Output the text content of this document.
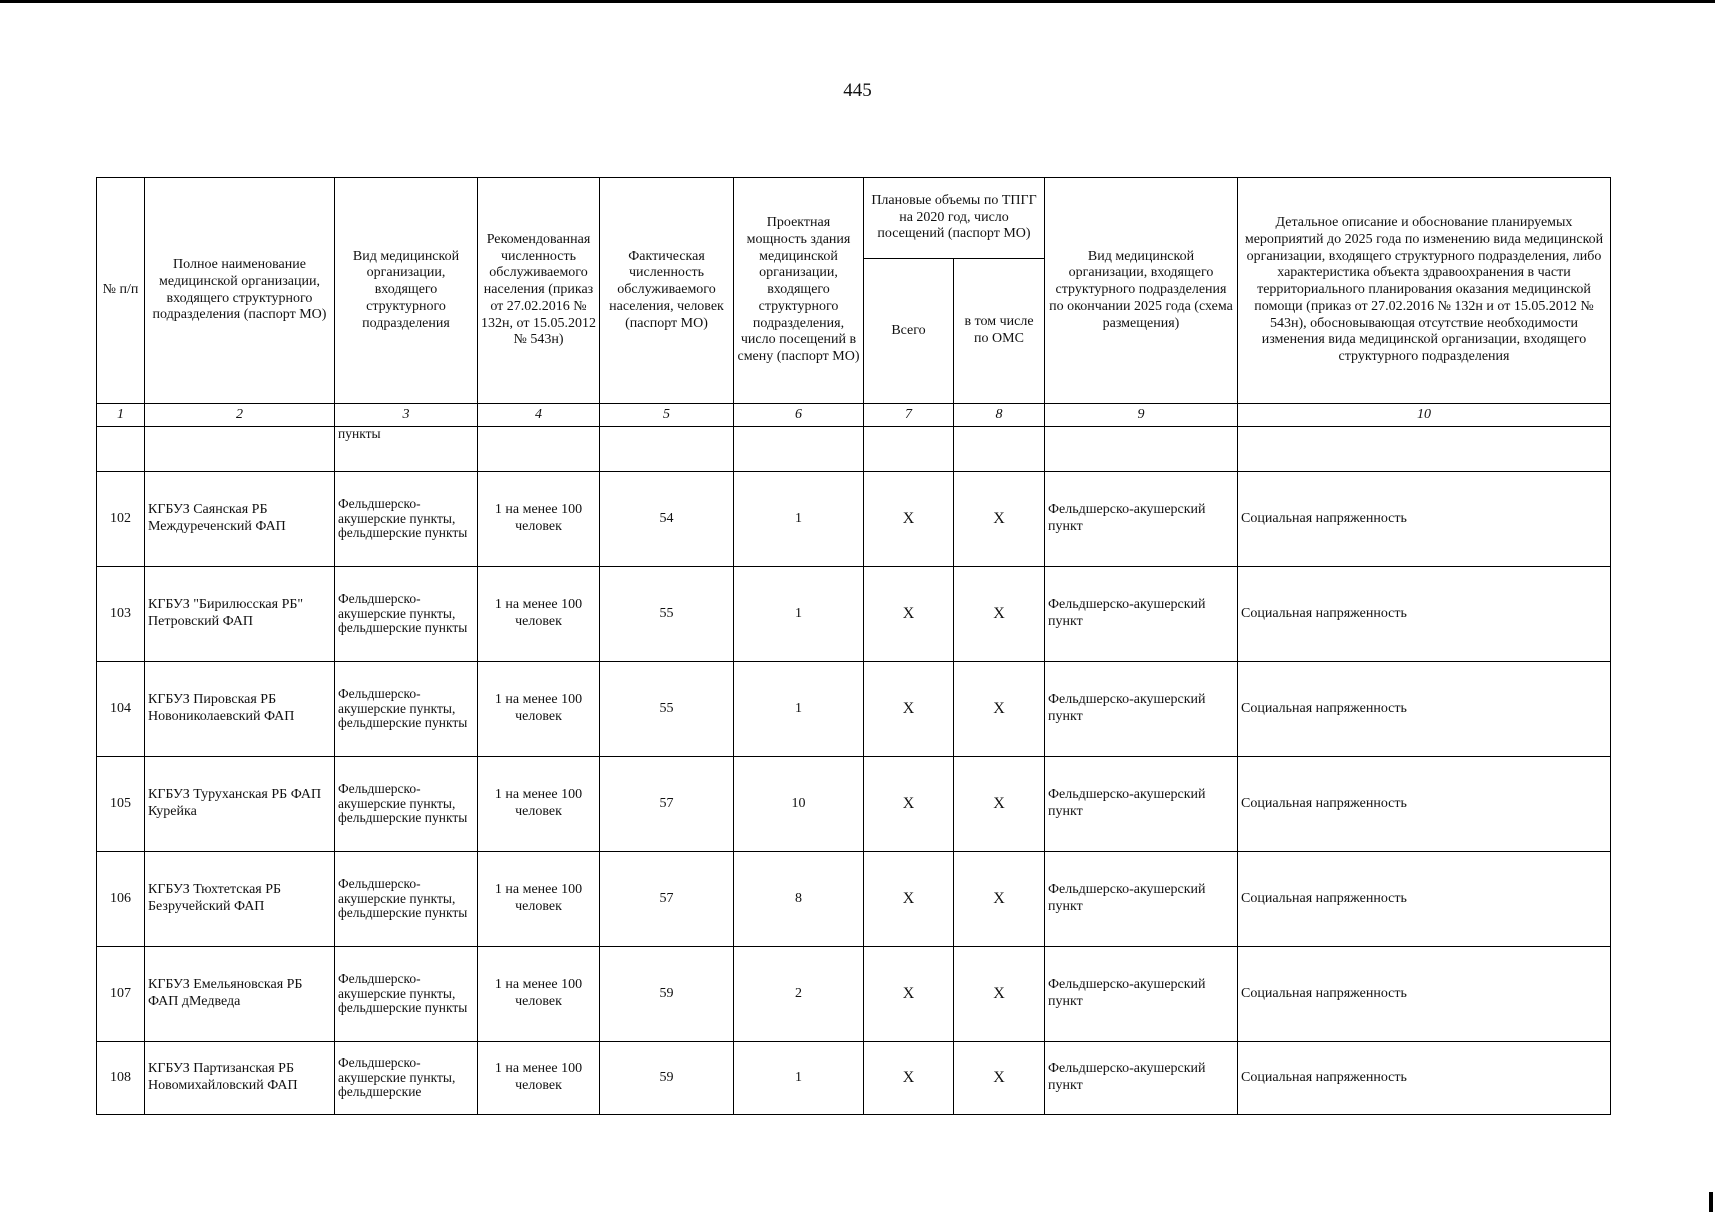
445
№ п/п	Полное наименование медицинской организации, входящего структурного подразделения (паспорт МО)	Вид медицинской организации, входящего структурного подразделения	Рекомендованная численность обслуживаемого населения (приказ от 27.02.2016 № 132н, от 15.05.2012 № 543н)	Фактическая численность обслуживаемого населения, человек (паспорт МО)	Проектная мощность здания медицинской организации, входящего структурного подразделения, число посещений в смену (паспорт МО)	Плановые объемы по ТПГГ на 2020 год, число посещений (паспорт МО)		Вид медицинской организации, входящего структурного подразделения по окончании 2025 года (схема размещения)	Детальное описание и обоснование планируемых мероприятий до 2025 года по изменению вида медицинской организации, входящего структурного подразделения, либо характеристика объекта здравоохранения в части территориального планирования оказания медицинской помощи (приказ от 27.02.2016 № 132н и от 15.05.2012 № 543н), обосновывающая отсутствие необходимости изменения вида медицинской организации, входящего структурного подразделения
						Всего	в том числе по ОМС		
1	2	3	4	5	6	7	8	9	10
		пункты							
102	КГБУЗ Саянская РБ Междуреченский ФАП	Фельдшерско-акушерские пункты, фельдшерские пункты	1 на менее 100 человек	54	1	X	X	Фельдшерско-акушерский пункт	Социальная напряженность
103	КГБУЗ "Бирилюсская РБ" Петровский ФАП	Фельдшерско-акушерские пункты, фельдшерские пункты	1 на менее 100 человек	55	1	X	X	Фельдшерско-акушерский пункт	Социальная напряженность
104	КГБУЗ Пировская РБ Новониколаевский ФАП	Фельдшерско-акушерские пункты, фельдшерские пункты	1 на менее 100 человек	55	1	X	X	Фельдшерско-акушерский пункт	Социальная напряженность
105	КГБУЗ Туруханская РБ ФАП Курейка	Фельдшерско-акушерские пункты, фельдшерские пункты	1 на менее 100 человек	57	10	X	X	Фельдшерско-акушерский пункт	Социальная напряженность
106	КГБУЗ Тюхтетская РБ Безручейский ФАП	Фельдшерско-акушерские пункты, фельдшерские пункты	1 на менее 100 человек	57	8	X	X	Фельдшерско-акушерский пункт	Социальная напряженность
107	КГБУЗ Емельяновская РБ ФАП дМедведа	Фельдшерско-акушерские пункты, фельдшерские пункты	1 на менее 100 человек	59	2	X	X	Фельдшерско-акушерский пункт	Социальная напряженность
108	КГБУЗ Партизанская РБ Новомихайловский ФАП	Фельдшерско-акушерские пункты, фельдшерские	1 на менее 100 человек	59	1	X	X	Фельдшерско-акушерский пункт	Социальная напряженность
